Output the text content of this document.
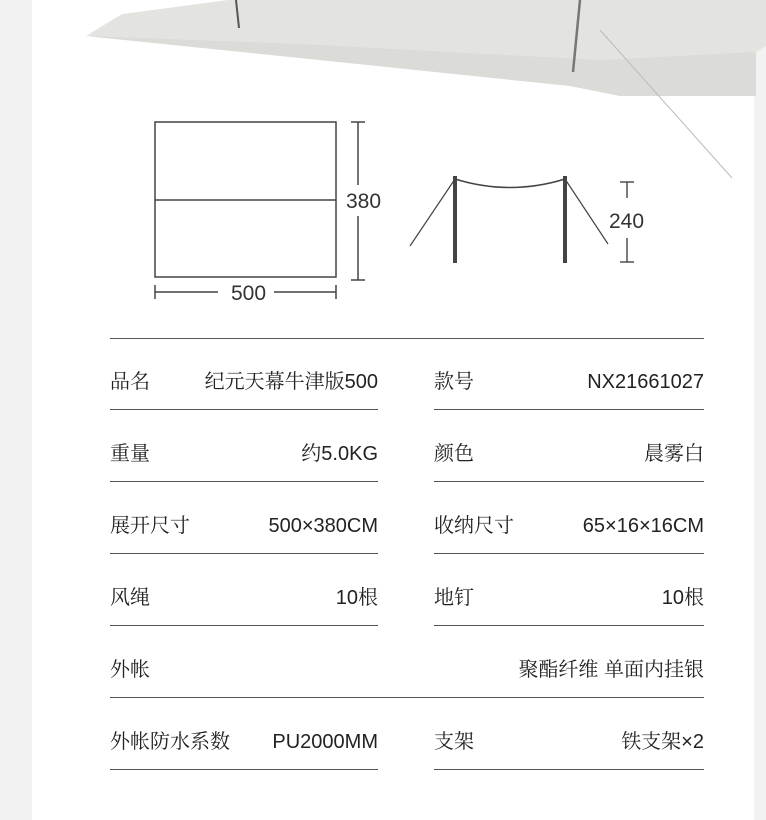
380
500
240
品名	纪元天幕牛津版500	款号	NX21661027
重量	约5.0KG	颜色	晨雾白
展开尺寸	500×380CM	收纳尺寸	65×16×16CM
风绳	10根	地钉	10根
外帐	聚酯纤维 单面内挂银
外帐防水系数 PU2000MM	支架	铁支架×2
